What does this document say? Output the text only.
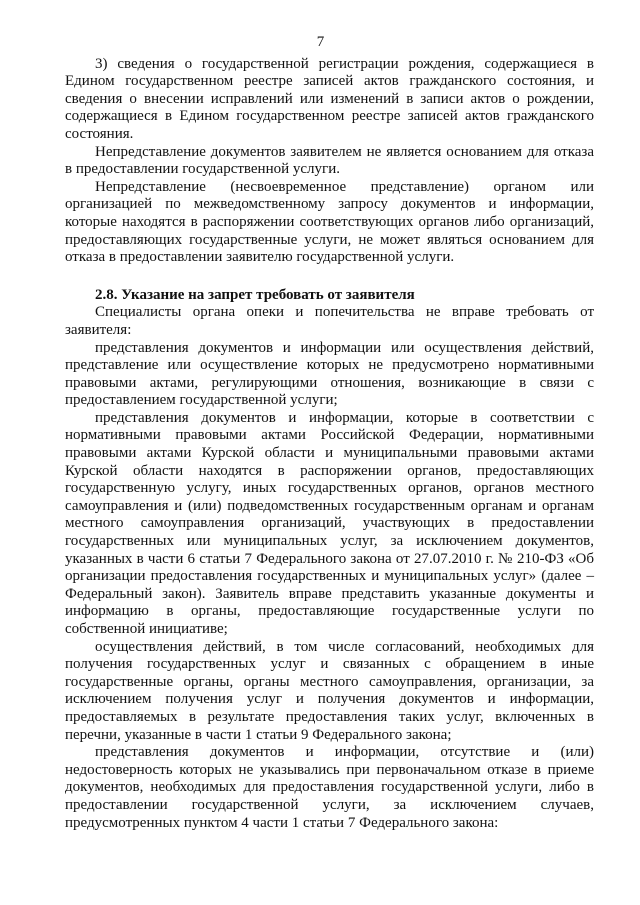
7

3) сведения о государственной регистрации рождения, содержащиеся в Едином государственном реестре записей актов гражданского состояния, и сведения о внесении исправлений или изменений в записи актов о рождении, содержащиеся в Едином государственном реестре записей актов гражданского состояния.

Непредставление документов заявителем не является основанием для отказа в предоставлении государственной услуги.

Непредставление (несвоевременное представление) органом или организацией по межведомственному запросу документов и информации, которые находятся в распоряжении соответствующих органов либо организаций, предоставляющих государственные услуги, не может являться основанием для отказа в предоставлении заявителю государственной услуги.

2.8. Указание на запрет требовать от заявителя

Специалисты органа опеки и попечительства не вправе требовать от заявителя:

представления документов и информации или осуществления действий, представление или осуществление которых не предусмотрено нормативными правовыми актами, регулирующими отношения, возникающие в связи с предоставлением государственной услуги;

представления документов и информации, которые в соответствии с нормативными правовыми актами Российской Федерации, нормативными правовыми актами Курской области и муниципальными правовыми актами Курской области находятся в распоряжении органов, предоставляющих государственную услугу, иных государственных органов, органов местного самоуправления и (или) подведомственных государственным органам и органам местного самоуправления организаций, участвующих в предоставлении государственных или муниципальных услуг, за исключением документов, указанных в части 6 статьи 7 Федерального закона от 27.07.2010 г. № 210-ФЗ «Об организации предоставления государственных и муниципальных услуг» (далее – Федеральный закон). Заявитель вправе представить указанные документы и информацию в органы, предоставляющие государственные услуги по собственной инициативе;

осуществления действий, в том числе согласований, необходимых для получения государственных услуг и связанных с обращением в иные государственные органы, органы местного самоуправления, организации, за исключением получения услуг и получения документов и информации, предоставляемых в результате предоставления таких услуг, включенных в перечни, указанные в части 1 статьи 9 Федерального закона;

представления документов и информации, отсутствие и (или) недостоверность которых не указывались при первоначальном отказе в приеме документов, необходимых для предоставления государственной услуги, либо в предоставлении государственной услуги, за исключением случаев, предусмотренных пунктом 4 части 1 статьи 7 Федерального закона:
